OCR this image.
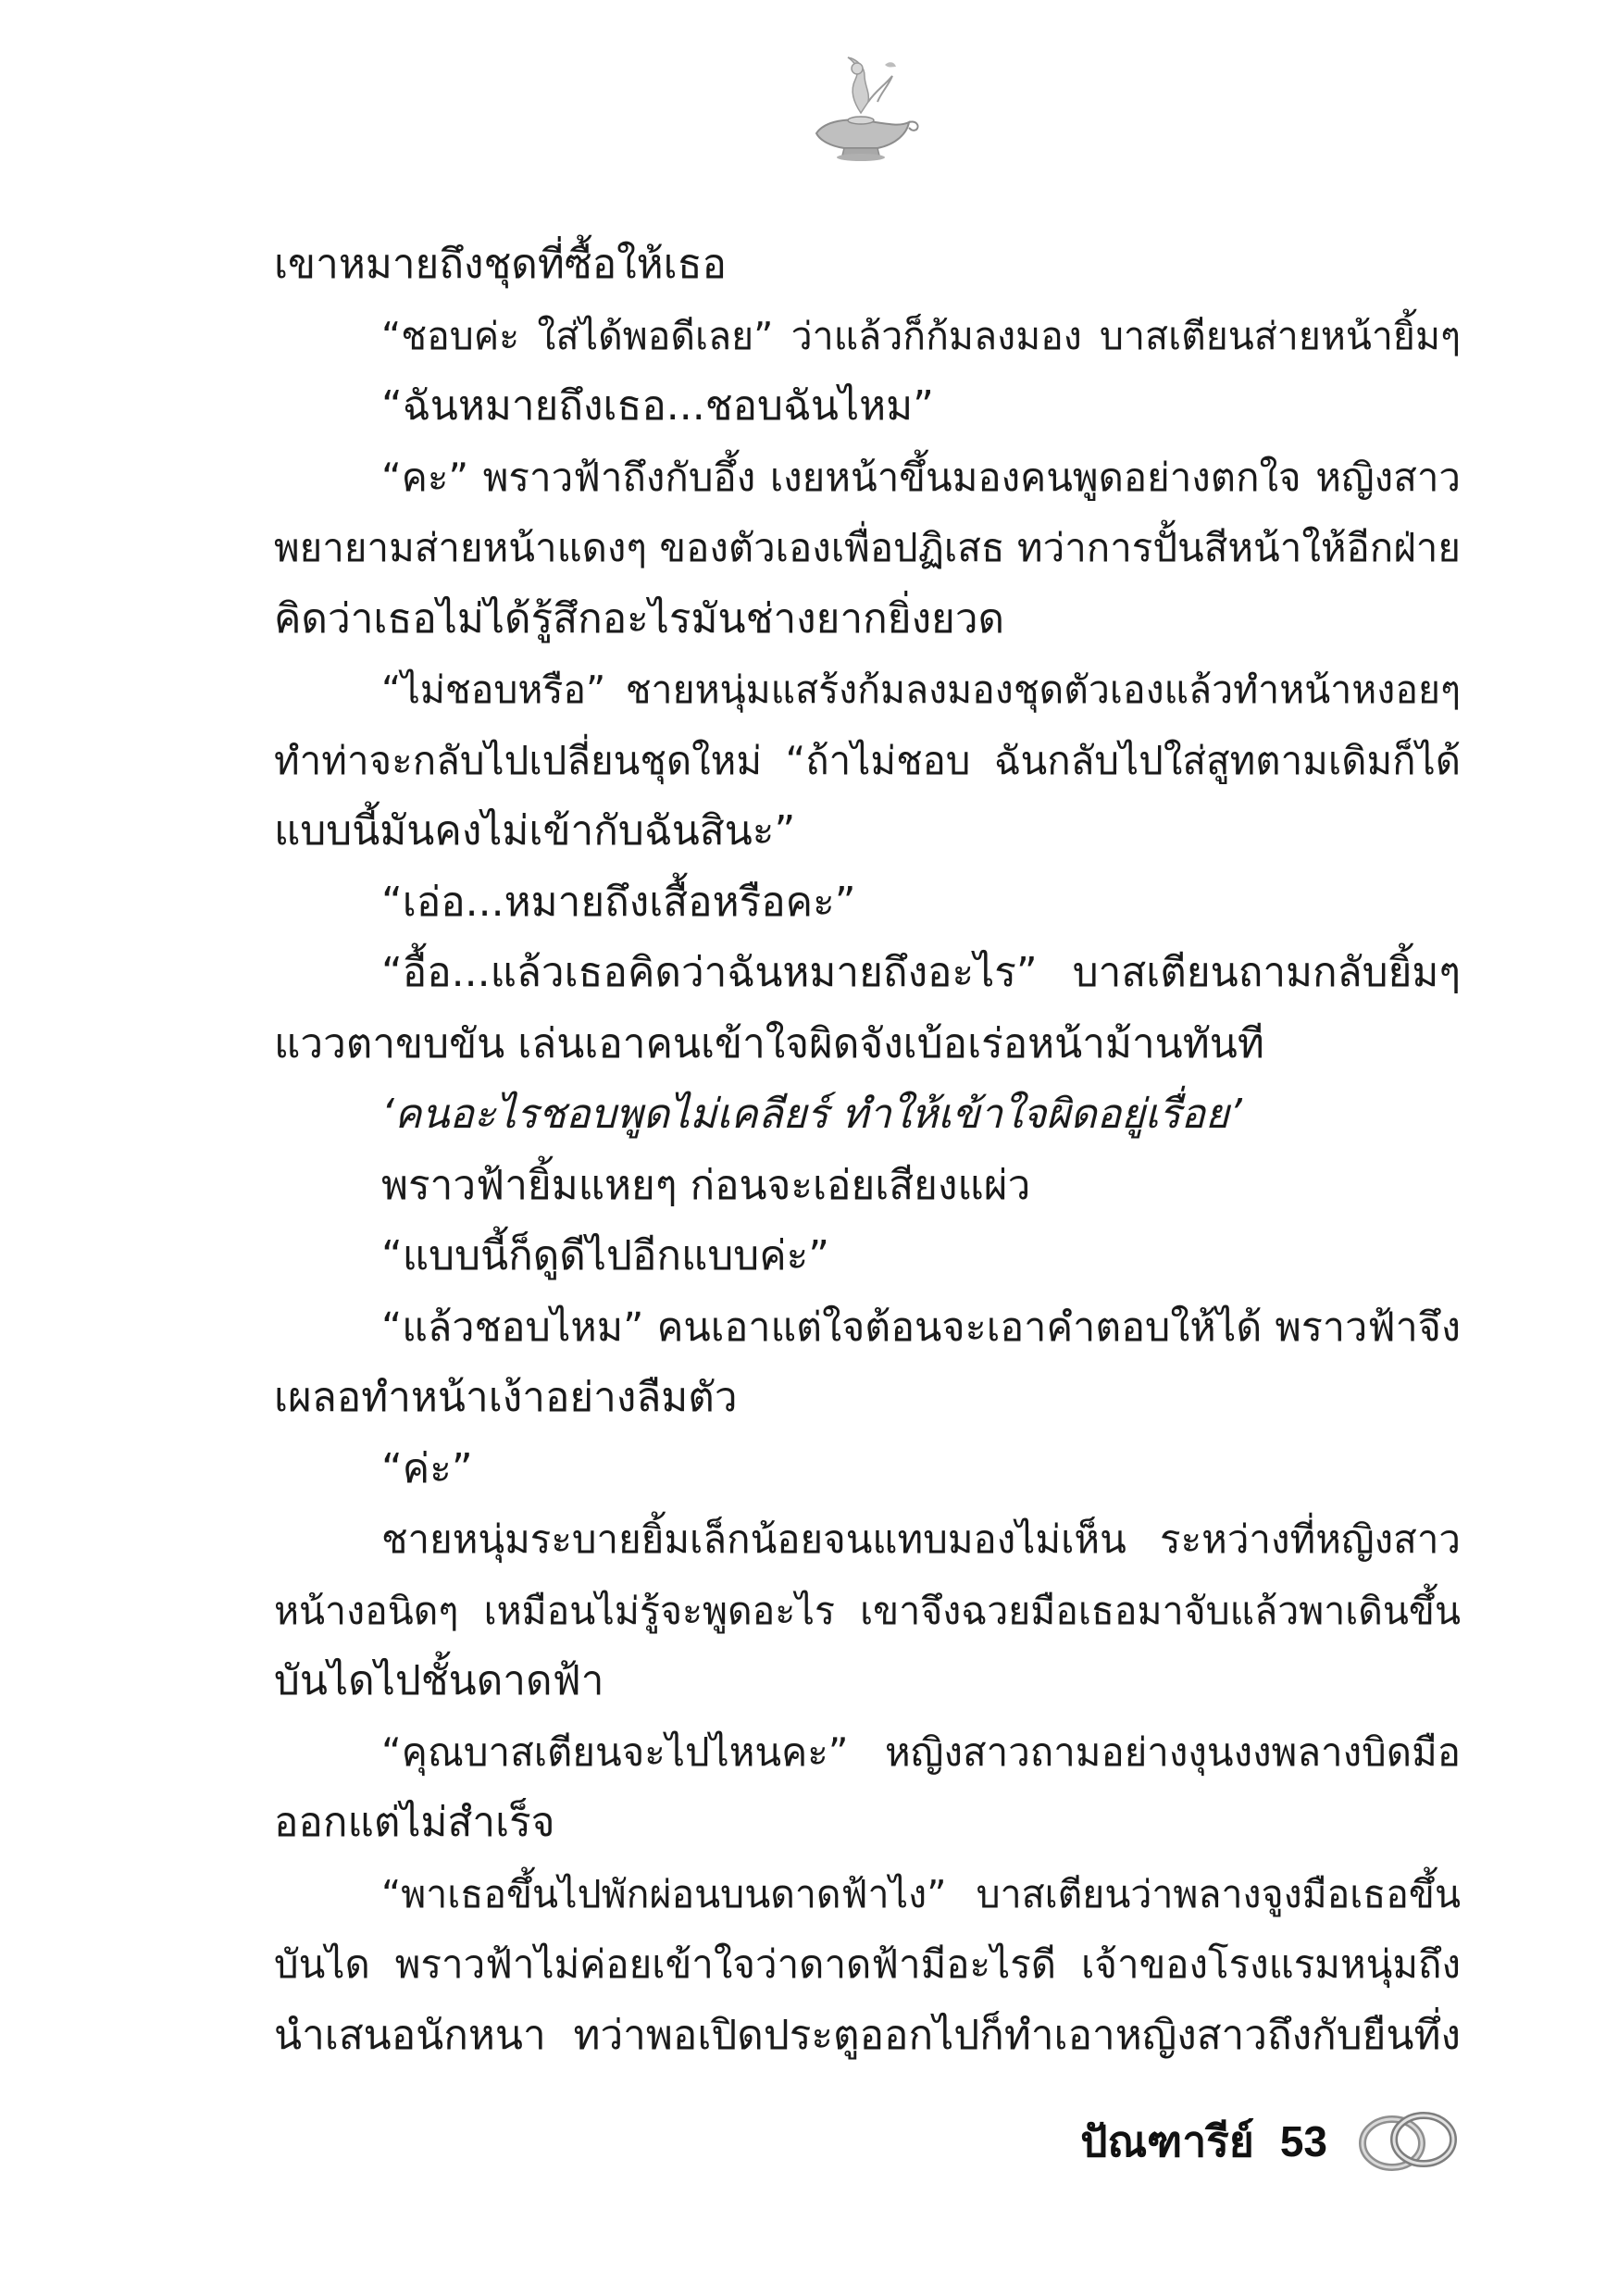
เขาหมายถึงชุดที่ซื้อให้เธอ
“ชอบค่ะ ใส่ได้พอดีเลย” ว่าแล้วก็ก้มลงมอง บาสเตียนส่ายหน้ายิ้มๆ
“ฉันหมายถึงเธอ...ชอบฉันไหม”
“คะ” พราวฟ้าถึงกับอึ้ง เงยหน้าขึ้นมองคนพูดอย่างตกใจ หญิงสาว
พยายามส่ายหน้าแดงๆ ของตัวเองเพื่อปฏิเสธ ทว่าการปั้นสีหน้าให้อีกฝ่าย
คิดว่าเธอไม่ได้รู้สึกอะไรมันช่างยากยิ่งยวด
“ไม่ชอบหรือ” ชายหนุ่มแสร้งก้มลงมองชุดตัวเองแล้วทำหน้าหงอยๆ
ทำท่าจะกลับไปเปลี่ยนชุดใหม่ “ถ้าไม่ชอบ ฉันกลับไปใส่สูทตามเดิมก็ได้
แบบนี้มันคงไม่เข้ากับฉันสินะ”
“เอ่อ...หมายถึงเสื้อหรือคะ”
“อื้อ...แล้วเธอคิดว่าฉันหมายถึงอะไร” บาสเตียนถามกลับยิ้มๆ
แววตาขบขัน เล่นเอาคนเข้าใจผิดจังเบ้อเร่อหน้าม้านทันที
‘คนอะไรชอบพูดไม่เคลียร์ ทำให้เข้าใจผิดอยู่เรื่อย’
พราวฟ้ายิ้มแหยๆ ก่อนจะเอ่ยเสียงแผ่ว
“แบบนี้ก็ดูดีไปอีกแบบค่ะ”
“แล้วชอบไหม” คนเอาแต่ใจต้อนจะเอาคำตอบให้ได้ พราวฟ้าจึง
เผลอทำหน้าเง้าอย่างลืมตัว
“ค่ะ”
ชายหนุ่มระบายยิ้มเล็กน้อยจนแทบมองไม่เห็น ระหว่างที่หญิงสาว
หน้างอนิดๆ เหมือนไม่รู้จะพูดอะไร เขาจึงฉวยมือเธอมาจับแล้วพาเดินขึ้น
บันไดไปชั้นดาดฟ้า
“คุณบาสเตียนจะไปไหนคะ” หญิงสาวถามอย่างงุนงงพลางบิดมือ
ออกแต่ไม่สำเร็จ
“พาเธอขึ้นไปพักผ่อนบนดาดฟ้าไง” บาสเตียนว่าพลางจูงมือเธอขึ้น
บันได พราวฟ้าไม่ค่อยเข้าใจว่าดาดฟ้ามีอะไรดี เจ้าของโรงแรมหนุ่มถึง
นำเสนอนักหนา ทว่าพอเปิดประตูออกไปก็ทำเอาหญิงสาวถึงกับยืนทึ่ง
ปัณฑารีย์ 53
